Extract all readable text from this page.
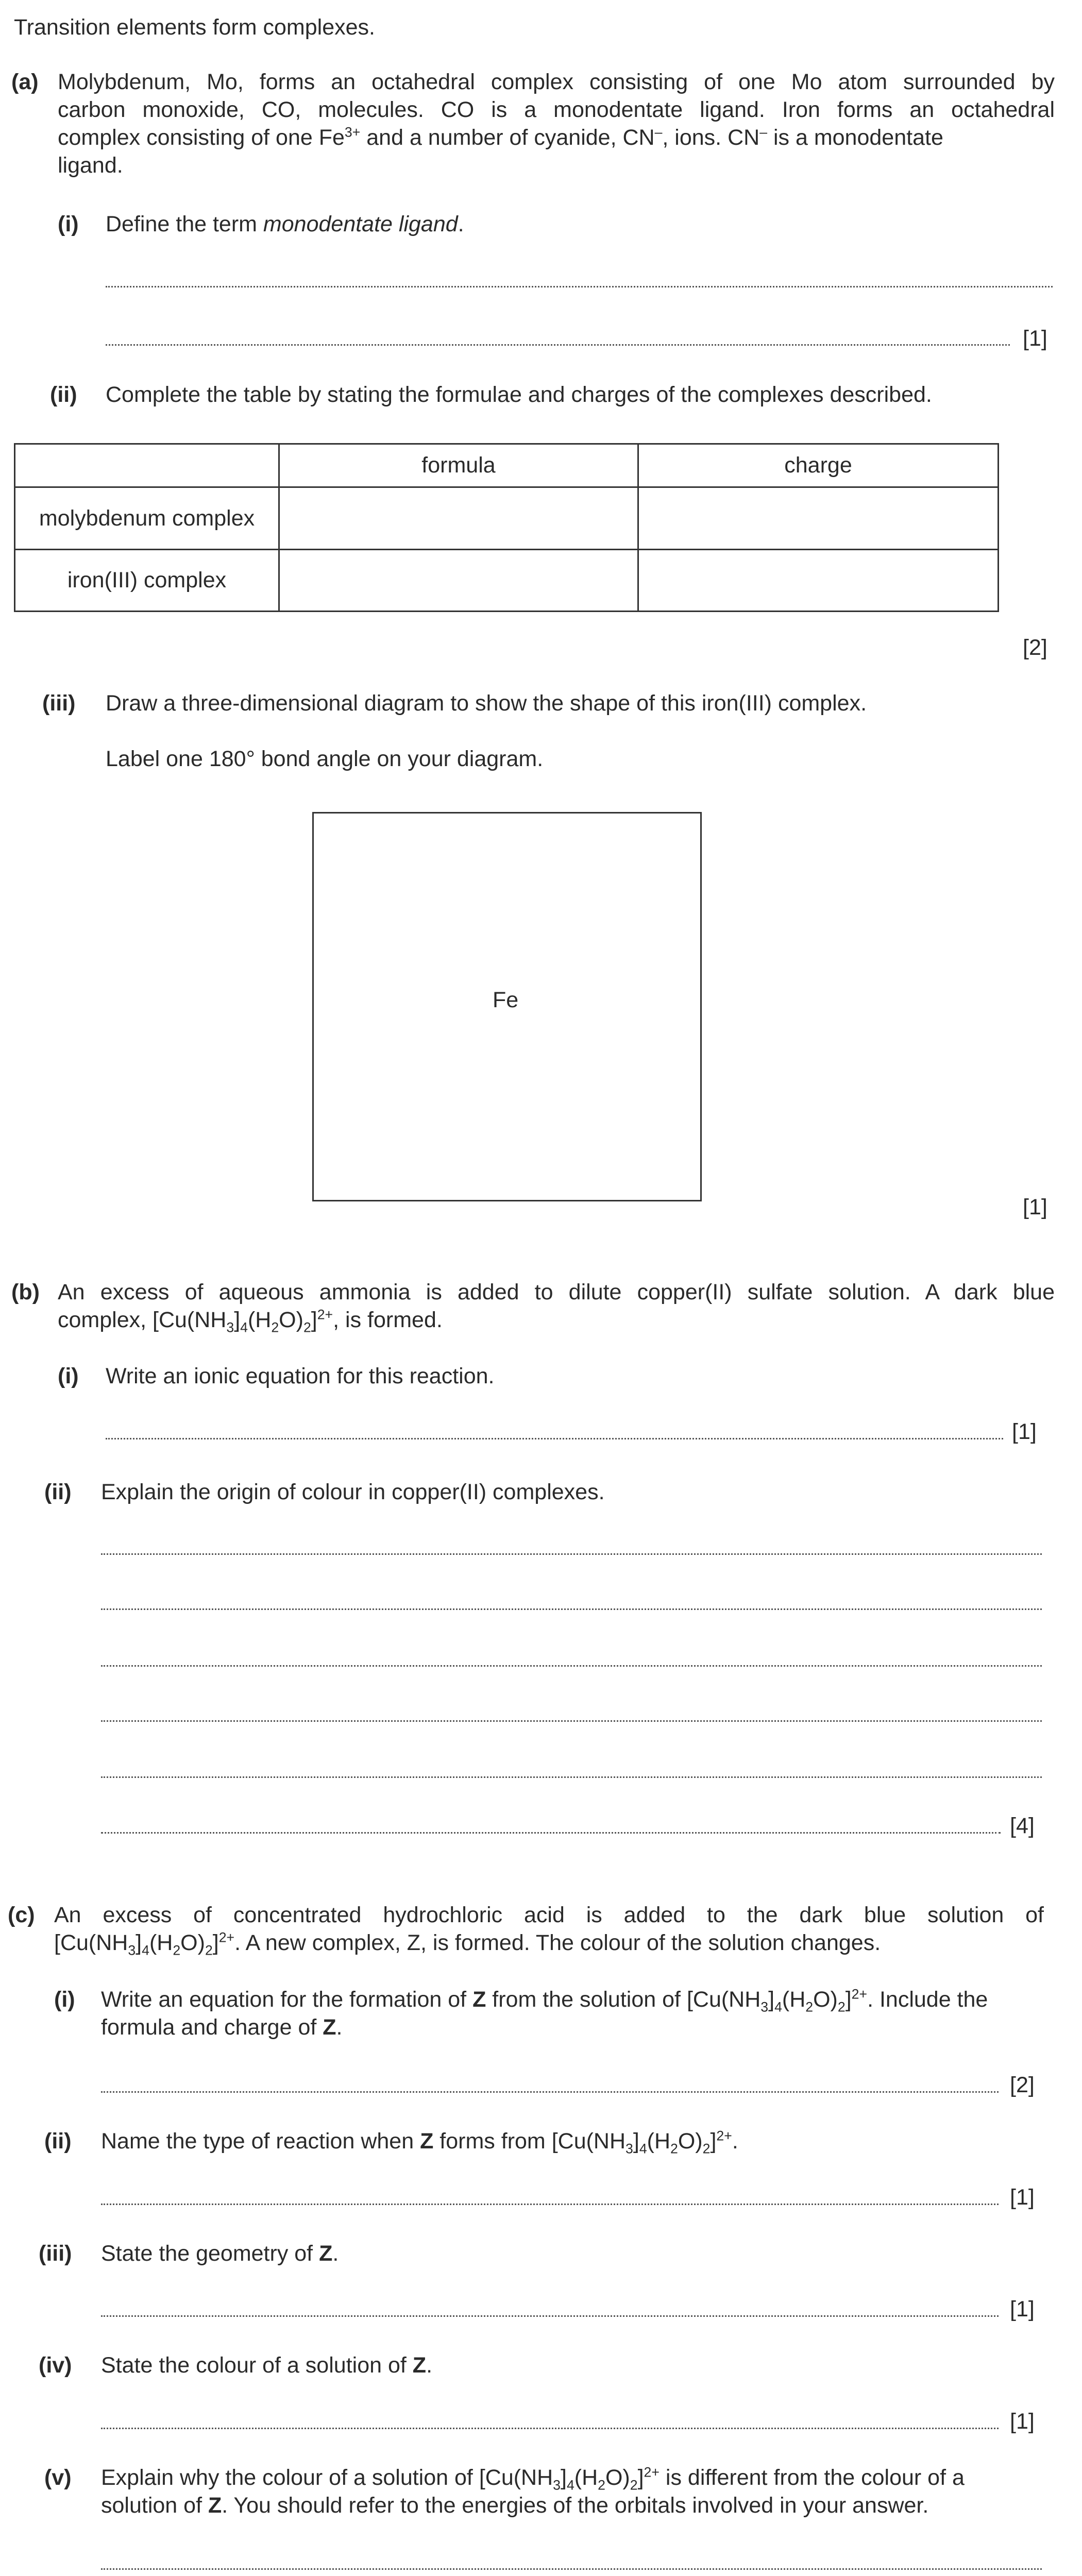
Transition elements form complexes.
(a) Molybdenum, Mo, forms an octahedral complex consisting of one Mo atom surrounded by
carbon monoxide, CO, molecules. CO is a monodentate ligand. Iron forms an octahedral
complex consisting of one $Fe^{3+}$ and a number of cyanide, CN–, ions. CN– is a monodentate
ligand.
(i) Define the term monodentate ligand.
[1]
(ii) Complete the table by stating the formulae and charges of the complexes described.
	formula	charge
molybdenum complex		
iron(III) complex		
[2]
(iii) Draw a three-dimensional diagram to show the shape of this iron(III) complex.
Label one 180° bond angle on your diagram.
Fe
[1]
(b) An excess of aqueous ammonia is added to dilute copper(II) sulfate solution. A dark blue
complex, $[Cu(NH_3]_4(H_2O)_2]^{2+}$, is formed.
(i) Write an ionic equation for this reaction.
[1]
(ii) Explain the origin of colour in copper(II) complexes.
[4]
(c) An excess of concentrated hydrochloric acid is added to the dark blue solution of
$[Cu(NH_3]_4(H_2O)_2]^{2+}$. A new complex, Z, is formed. The colour of the solution changes.
(i) Write an equation for the formation of Z from the solution of $[Cu(NH_3]_4(H_2O)_2]^{2+}$. Include the
formula and charge of Z.
[2]
(ii) Name the type of reaction when Z forms from $[Cu(NH_3]_4(H_2O)_2]^{2+}$.
[1]
(iii) State the geometry of Z.
[1]
(iv) State the colour of a solution of Z.
[1]
(v) Explain why the colour of a solution of $[Cu(NH_3]_4(H_2O)_2]^{2+}$ is different from the colour of a
solution of Z. You should refer to the energies of the orbitals involved in your answer.
